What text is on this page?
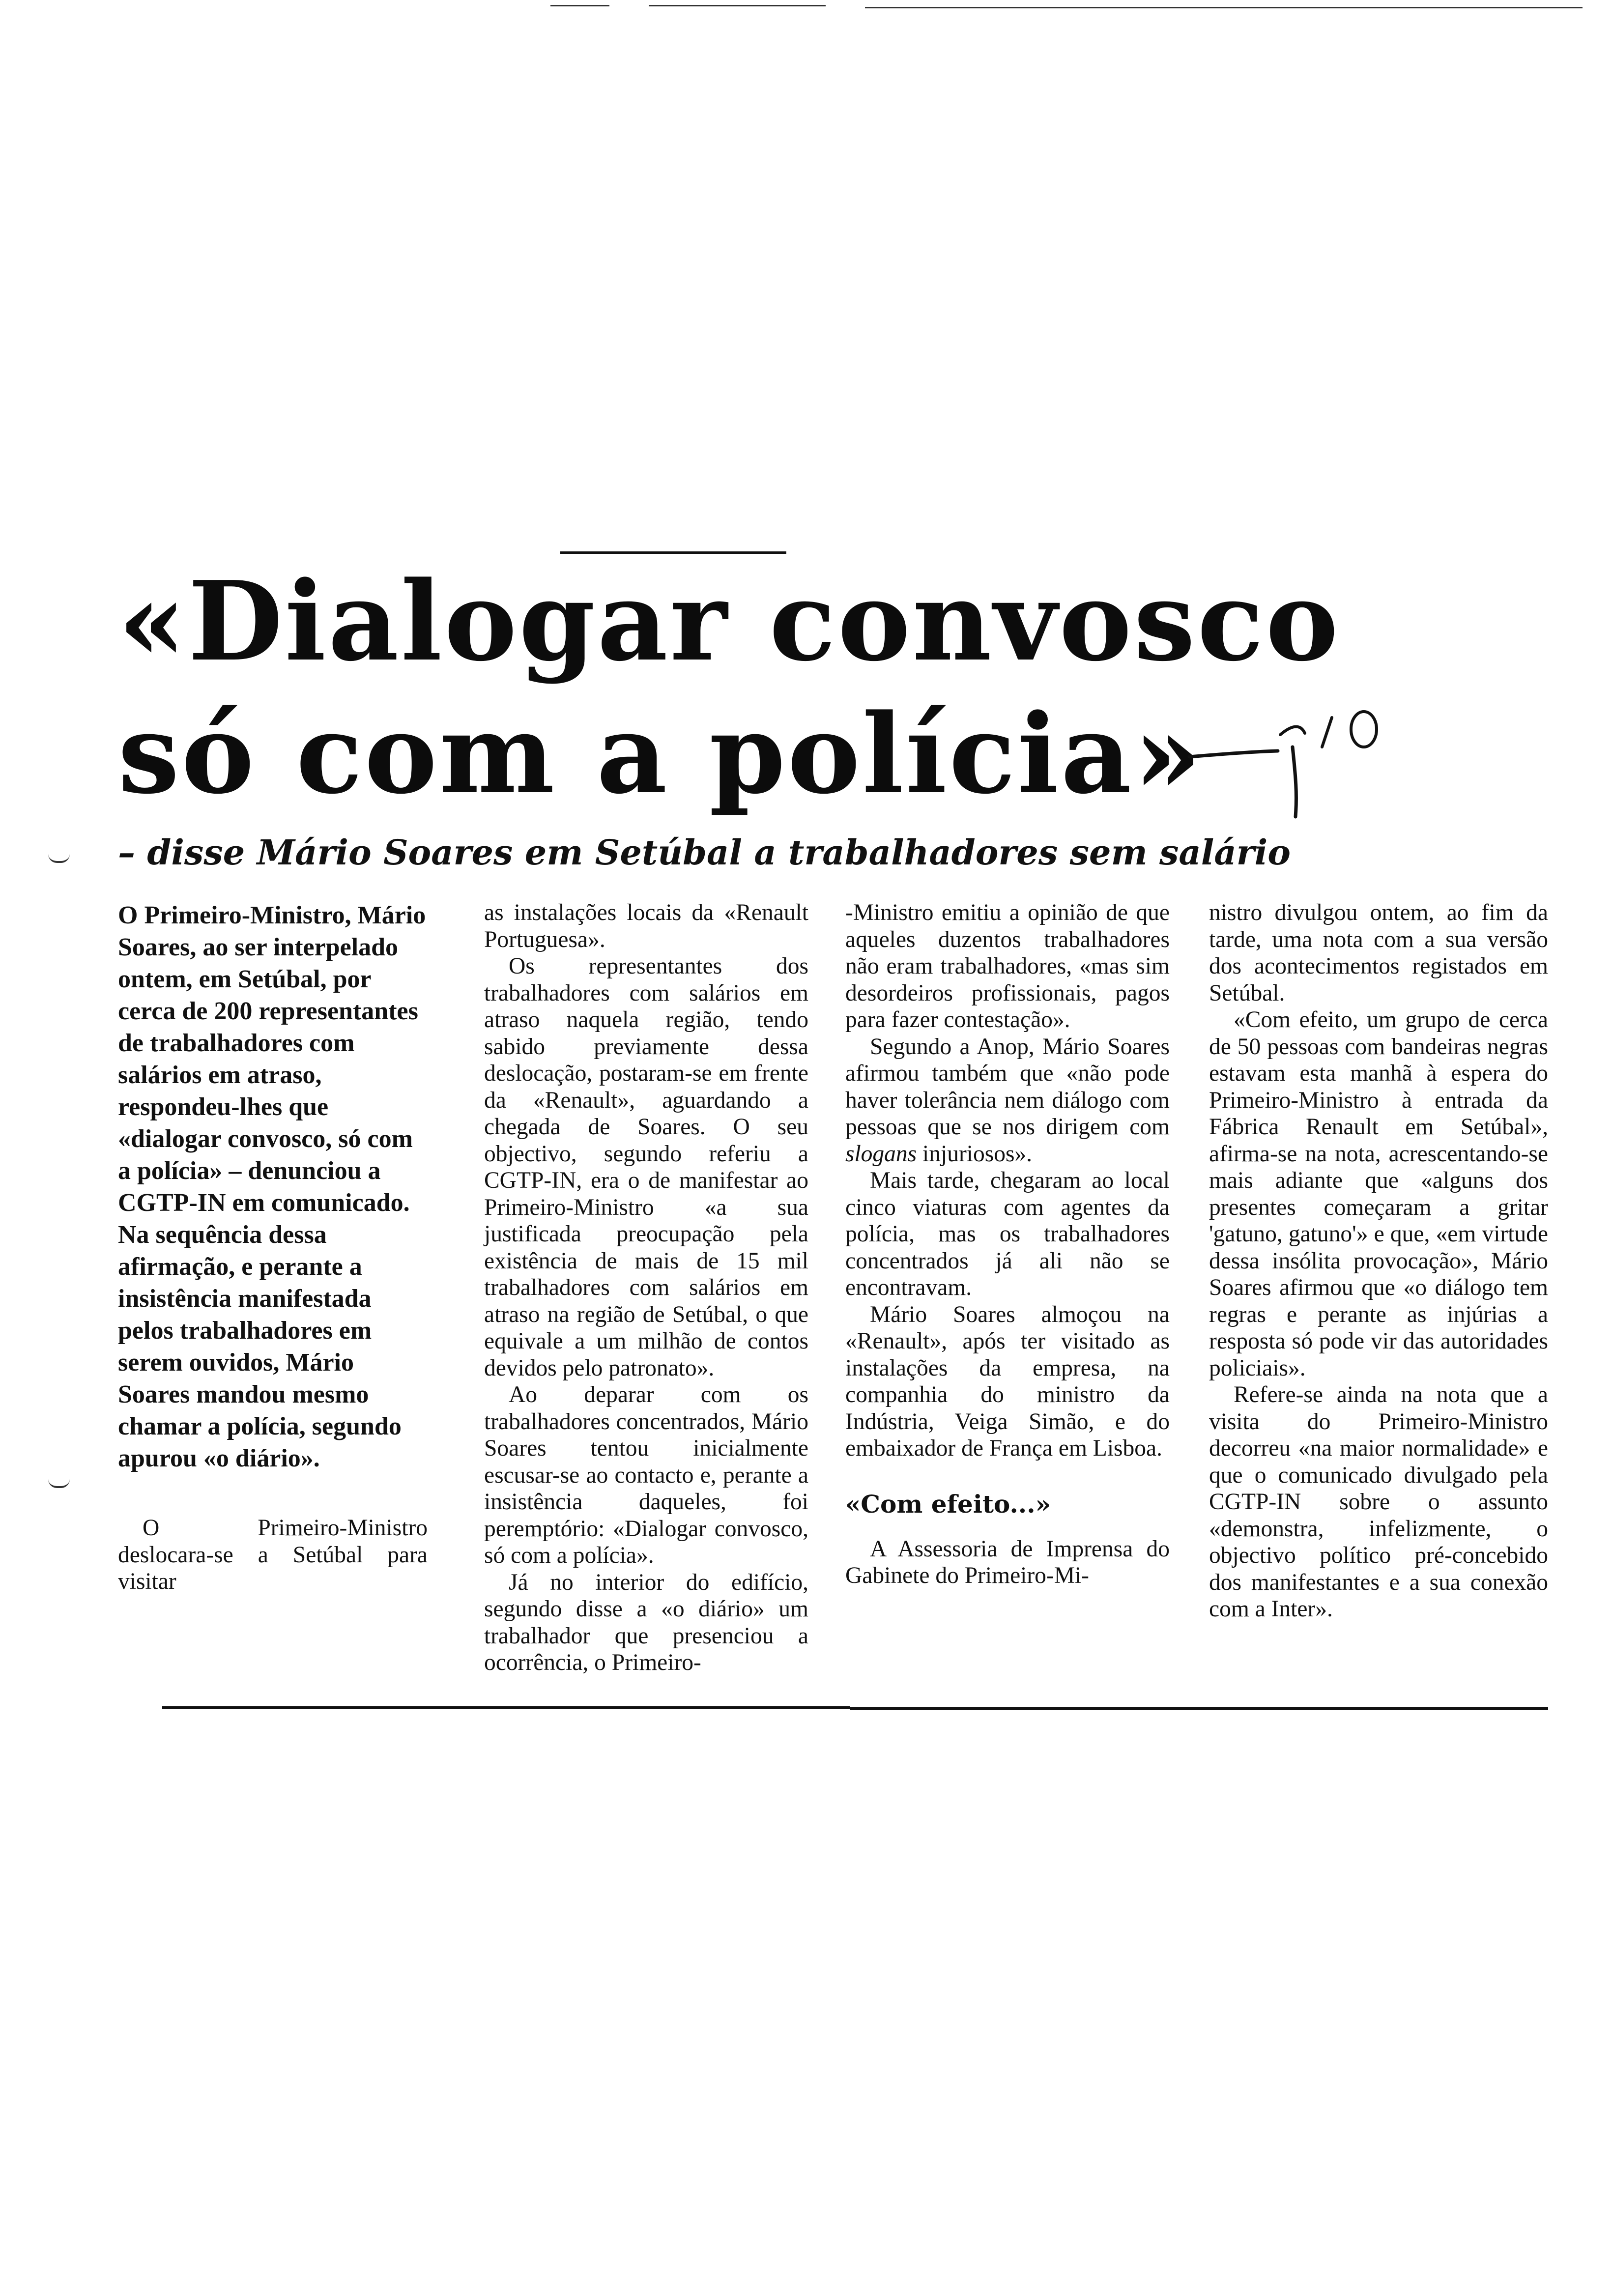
«Dialogar convosco
só com a polícia»
– disse Mário Soares em Setúbal a trabalhadores sem salário

O Primeiro-Ministro, Mário Soares, ao ser interpelado ontem, em Setúbal, por cerca de 200 representantes de trabalhadores com salários em atraso, respondeu-lhes que «dialogar convosco, só com a polícia» – denunciou a CGTP-IN em comunicado. Na sequência dessa afirmação, e perante a insistência manifestada pelos trabalhadores em serem ouvidos, Mário Soares mandou mesmo chamar a polícia, segundo apurou «o diário».

O Primeiro-Ministro deslocara-se a Setúbal para visitar

as instalações locais da «Renault Portuguesa».

Os representantes dos trabalhadores com salários em atraso naquela região, tendo sabido previamente dessa deslocação, postaram-se em frente da «Renault», aguardando a chegada de Soares. O seu objectivo, segundo referiu a CGTP-IN, era o de manifestar ao Primeiro-Ministro «a sua justificada preocupação pela existência de mais de 15 mil trabalhadores com salários em atraso na região de Setúbal, o que equivale a um milhão de contos devidos pelo patronato».

Ao deparar com os trabalhadores concentrados, Mário Soares tentou inicialmente escusar-se ao contacto e, perante a insistência daqueles, foi peremptório: «Dialogar convosco, só com a polícia».

Já no interior do edifício, segundo disse a «o diário» um trabalhador que presenciou a ocorrência, o Primeiro-

-Ministro emitiu a opinião de que aqueles duzentos trabalhadores não eram trabalhadores, «mas sim desordeiros profissionais, pagos para fazer contestação».

Segundo a Anop, Mário Soares afirmou também que «não pode haver tolerância nem diálogo com pessoas que se nos dirigem com slogans injuriosos».

Mais tarde, chegaram ao local cinco viaturas com agentes da polícia, mas os trabalhadores concentrados já ali não se encontravam.

Mário Soares almoçou na «Renault», após ter visitado as instalações da empresa, na companhia do ministro da Indústria, Veiga Simão, e do embaixador de França em Lisboa.

«Com efeito...»

A Assessoria de Imprensa do Gabinete do Primeiro-Mi-

nistro divulgou ontem, ao fim da tarde, uma nota com a sua versão dos acontecimentos registados em Setúbal.

«Com efeito, um grupo de cerca de 50 pessoas com bandeiras negras estavam esta manhã à espera do Primeiro-Ministro à entrada da Fábrica Renault em Setúbal», afirma-se na nota, acrescentando-se mais adiante que «alguns dos presentes começaram a gritar 'gatuno, gatuno'» e que, «em virtude dessa insólita provocação», Mário Soares afirmou que «o diálogo tem regras e perante as injúrias a resposta só pode vir das autoridades policiais».

Refere-se ainda na nota que a visita do Primeiro-Ministro decorreu «na maior normalidade» e que o comunicado divulgado pela CGTP-IN sobre o assunto «demonstra, infelizmente, o objectivo político pré-concebido dos manifestantes e a sua conexão com a Inter».
